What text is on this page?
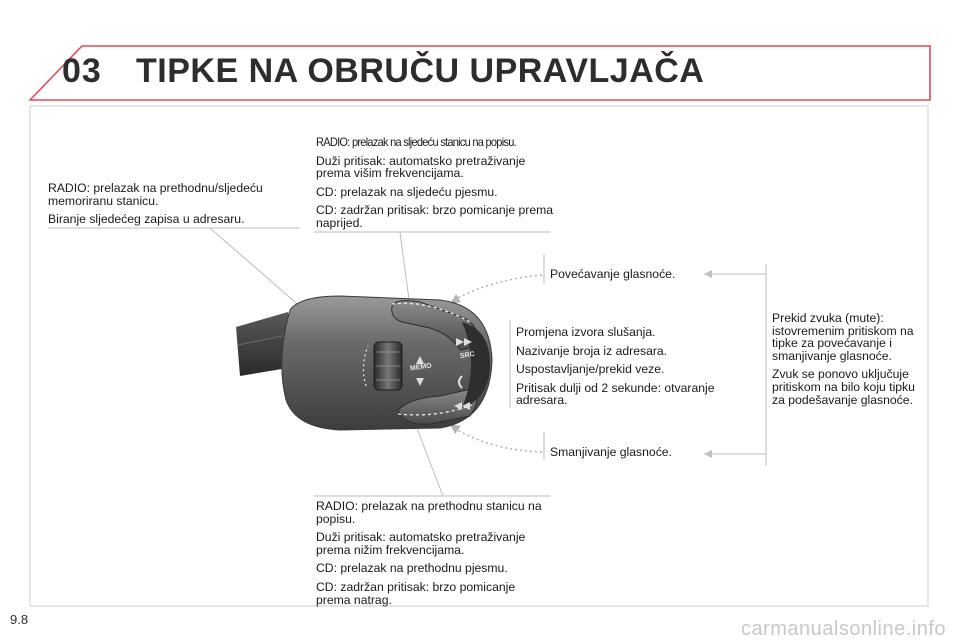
03 TIPKE NA OBRUČU UPRAVLJAČA
MEMO
SRC

RADIO: prelazak na prethodnu/sljedeću memoriranu stanicu.

Biranje sljedećeg zapisa u adresaru.

RADIO: prelazak na sljedeću stanicu na popisu.

Duži pritisak: automatsko pretraživanje prema višim frekvencijama.

CD: prelazak na sljedeću pjesmu.

CD: zadržan pritisak: brzo pomicanje prema naprijed.

Povećavanje glasnoće.

Promjena izvora slušanja.

Nazivanje broja iz adresara.

Uspostavljanje/prekid veze.

Pritisak dulji od 2 sekunde: otvaranje adresara.

Prekid zvuka (mute): istovremenim pritiskom na tipke za povećavanje i smanjivanje glasnoće.

Zvuk se ponovo uključuje pritiskom na bilo koju tipku za podešavanje glasnoće.

Smanjivanje glasnoće.

RADIO: prelazak na prethodnu stanicu na popisu.

Duži pritisak: automatsko pretraživanje prema nižim frekvencijama.

CD: prelazak na prethodnu pjesmu.

CD: zadržan pritisak: brzo pomicanje prema natrag.

9.8	carmanualsonline.info
